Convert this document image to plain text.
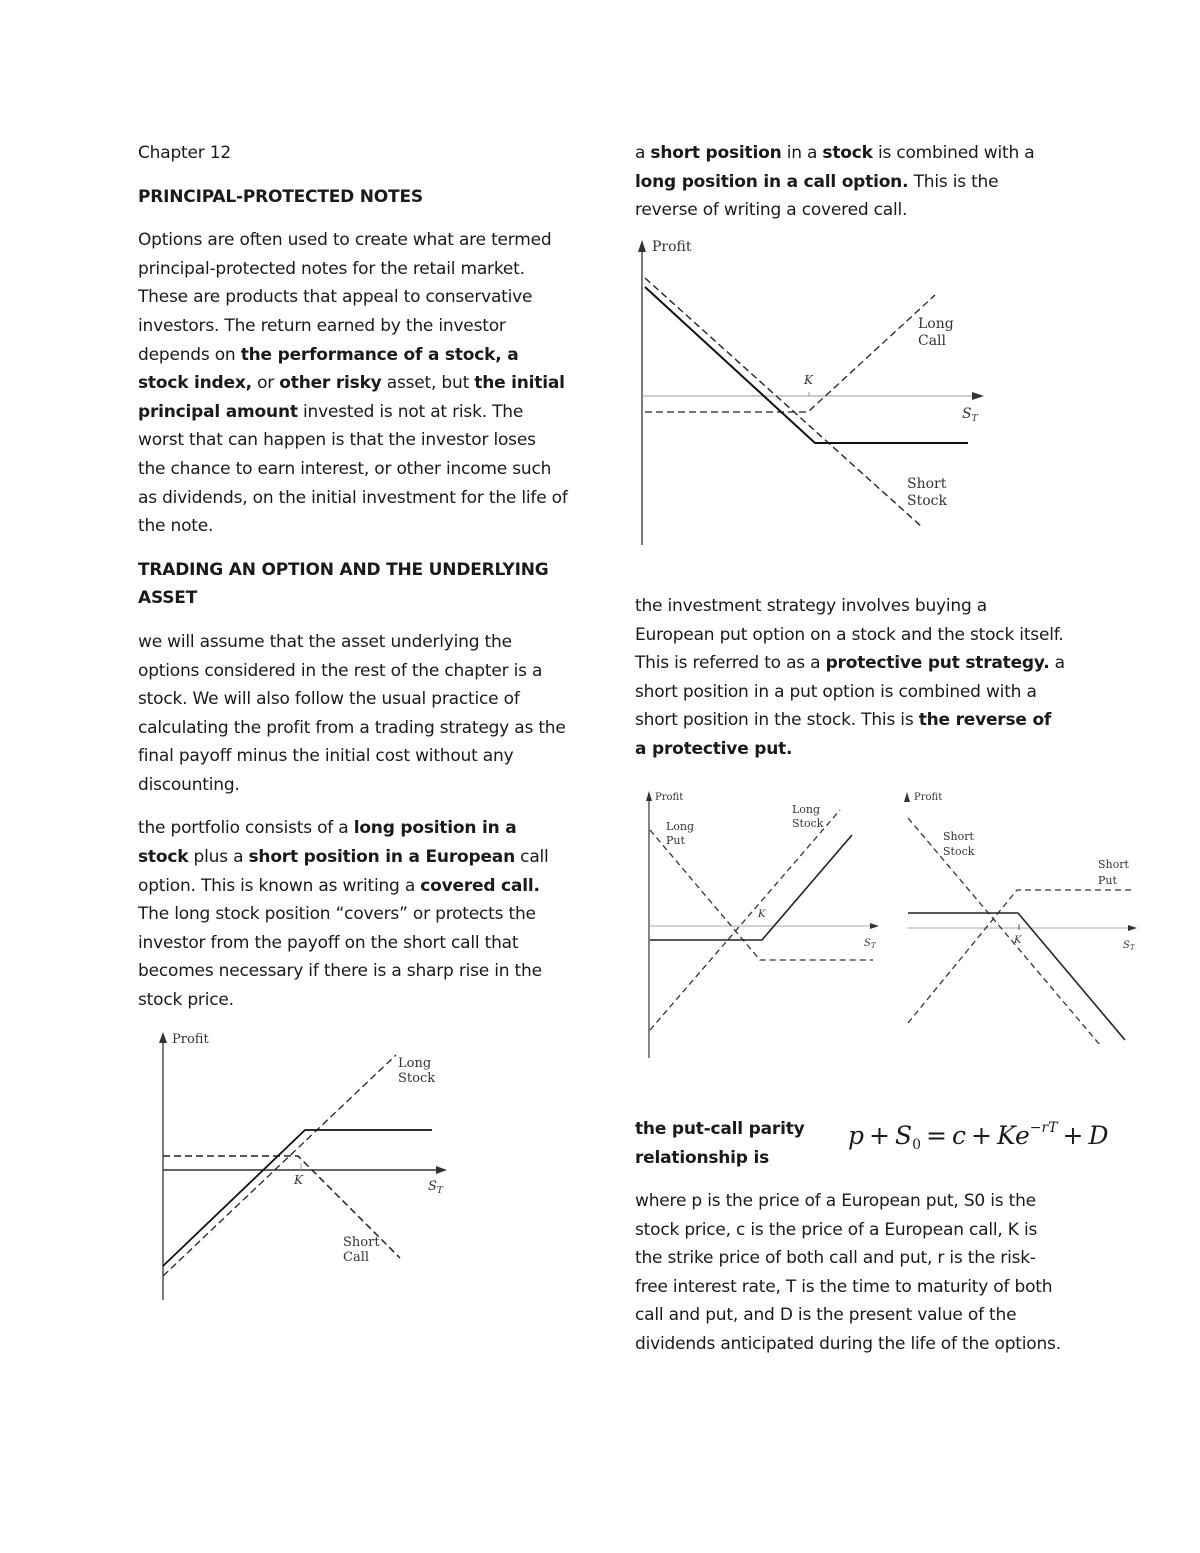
Chapter 12

PRINCIPAL-PROTECTED NOTES

Options are often used to create what are termed principal-protected notes for the retail market. These are products that appeal to conservative investors. The return earned by the investor depends on the performance of a stock, a stock index, or other risky asset, but the initial principal amount invested is not at risk. The worst that can happen is that the investor loses the chance to earn interest, or other income such as dividends, on the initial investment for the life of the note.

TRADING AN OPTION AND THE UNDERLYING ASSET

we will assume that the asset underlying the options considered in the rest of the chapter is a stock. We will also follow the usual practice of calculating the profit from a trading strategy as the final payoff minus the initial cost without any discounting.

the portfolio consists of a long position in a stock plus a short position in a European call option. This is known as writing a covered call. The long stock position “covers” or protects the investor from the payoff on the short call that becomes necessary if there is a sharp rise in the stock price.

Profit
$S_T$
K
Long
Stock
Short
Call

a short position in a stock is combined with a long position in a call option. This is the reverse of writing a covered call.

Profit
$S_T$
K
Long
Call
Short
Stock

the investment strategy involves buying a European put option on a stock and the stock itself. This is referred to as a protective put strategy. a short position in a put option is combined with a short position in the stock. This is the reverse of a protective put.

Profit
$S_T$
K
Long
Put
Long
Stock
Profit
$S_T$
K
Short
Stock
Short
Put

the put-call parity relationship is

$p + S_0 = c + Ke^{-rT} + D$

where p is the price of a European put, S0 is the stock price, c is the price of a European call, K is the strike price of both call and put, r is the risk-free interest rate, T is the time to maturity of both call and put, and D is the present value of the dividends anticipated during the life of the options.
